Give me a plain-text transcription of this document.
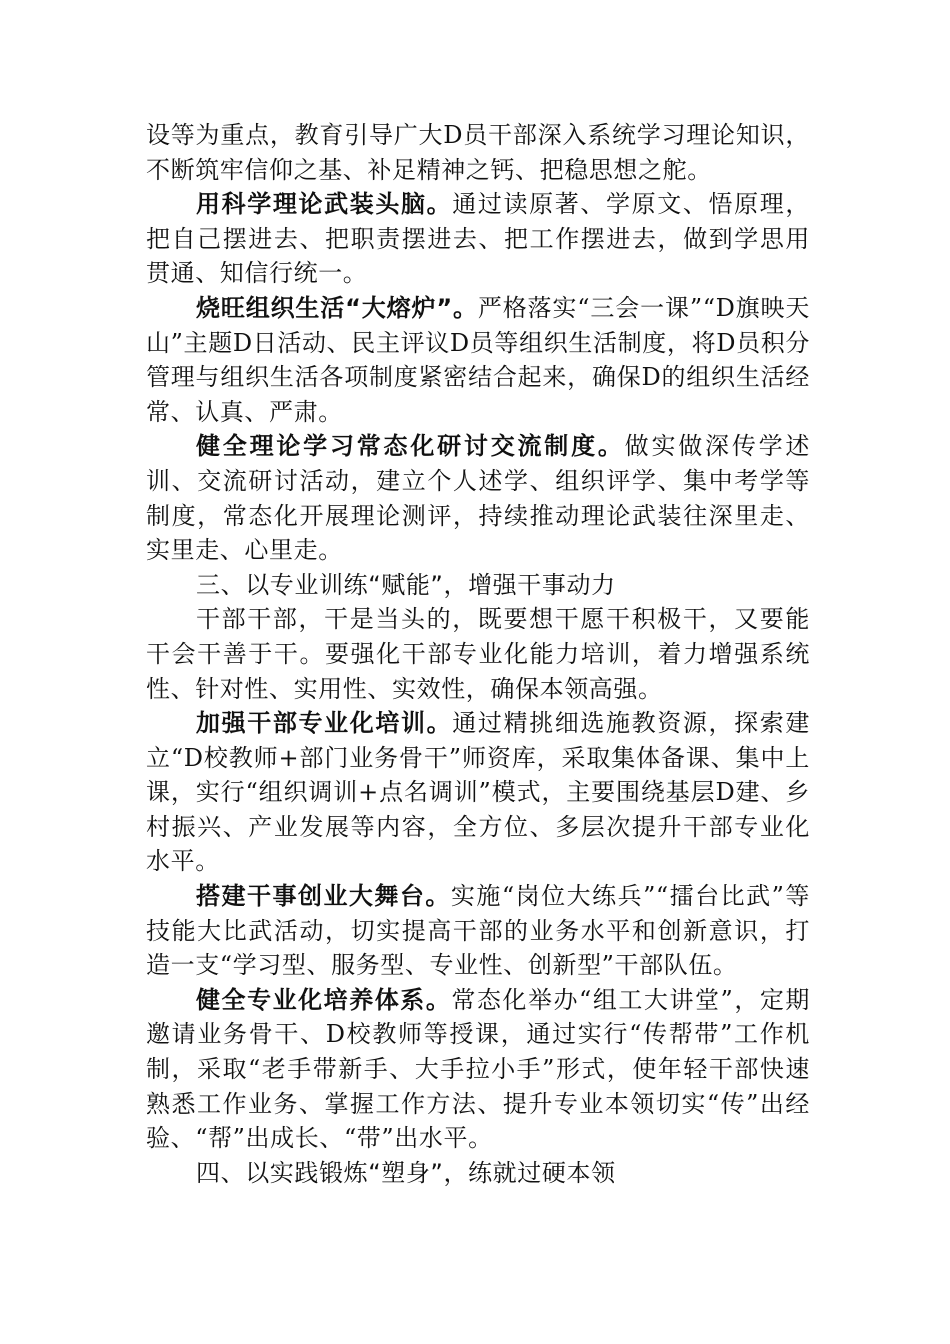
设等为重点，教育引导广大D员干部深入系统学习理论知识，不断筑牢信仰之基、补足精神之钙、把稳思想之舵。

用科学理论武装头脑。通过读原著、学原文、悟原理，把自己摆进去、把职责摆进去、把工作摆进去，做到学思用贯通、知信行统一。

烧旺组织生活“大熔炉”。严格落实“三会一课”“D旗映天山”主题D日活动、民主评议D员等组织生活制度，将D员积分管理与组织生活各项制度紧密结合起来，确保D的组织生活经常、认真、严肃。

健全理论学习常态化研讨交流制度。做实做深传学述训、交流研讨活动，建立个人述学、组织评学、集中考学等制度，常态化开展理论测评，持续推动理论武装往深里走、实里走、心里走。

三、以专业训练“赋能”，增强干事动力

干部干部，干是当头的，既要想干愿干积极干，又要能干会干善于干。要强化干部专业化能力培训，着力增强系统性、针对性、实用性、实效性，确保本领高强。

加强干部专业化培训。通过精挑细选施教资源，探索建立“D校教师+部门业务骨干”师资库，采取集体备课、集中上课，实行“组织调训+点名调训”模式，主要围绕基层D建、乡村振兴、产业发展等内容，全方位、多层次提升干部专业化水平。

搭建干事创业大舞台。实施“岗位大练兵”“擂台比武”等技能大比武活动，切实提高干部的业务水平和创新意识，打造一支“学习型、服务型、专业性、创新型”干部队伍。

健全专业化培养体系。常态化举办“组工大讲堂”，定期邀请业务骨干、D校教师等授课，通过实行“传帮带”工作机制，采取“老手带新手、大手拉小手”形式，使年轻干部快速熟悉工作业务、掌握工作方法、提升专业本领切实“传”出经验、“帮”出成长、“带”出水平。

四、以实践锻炼“塑身”，练就过硬本领
